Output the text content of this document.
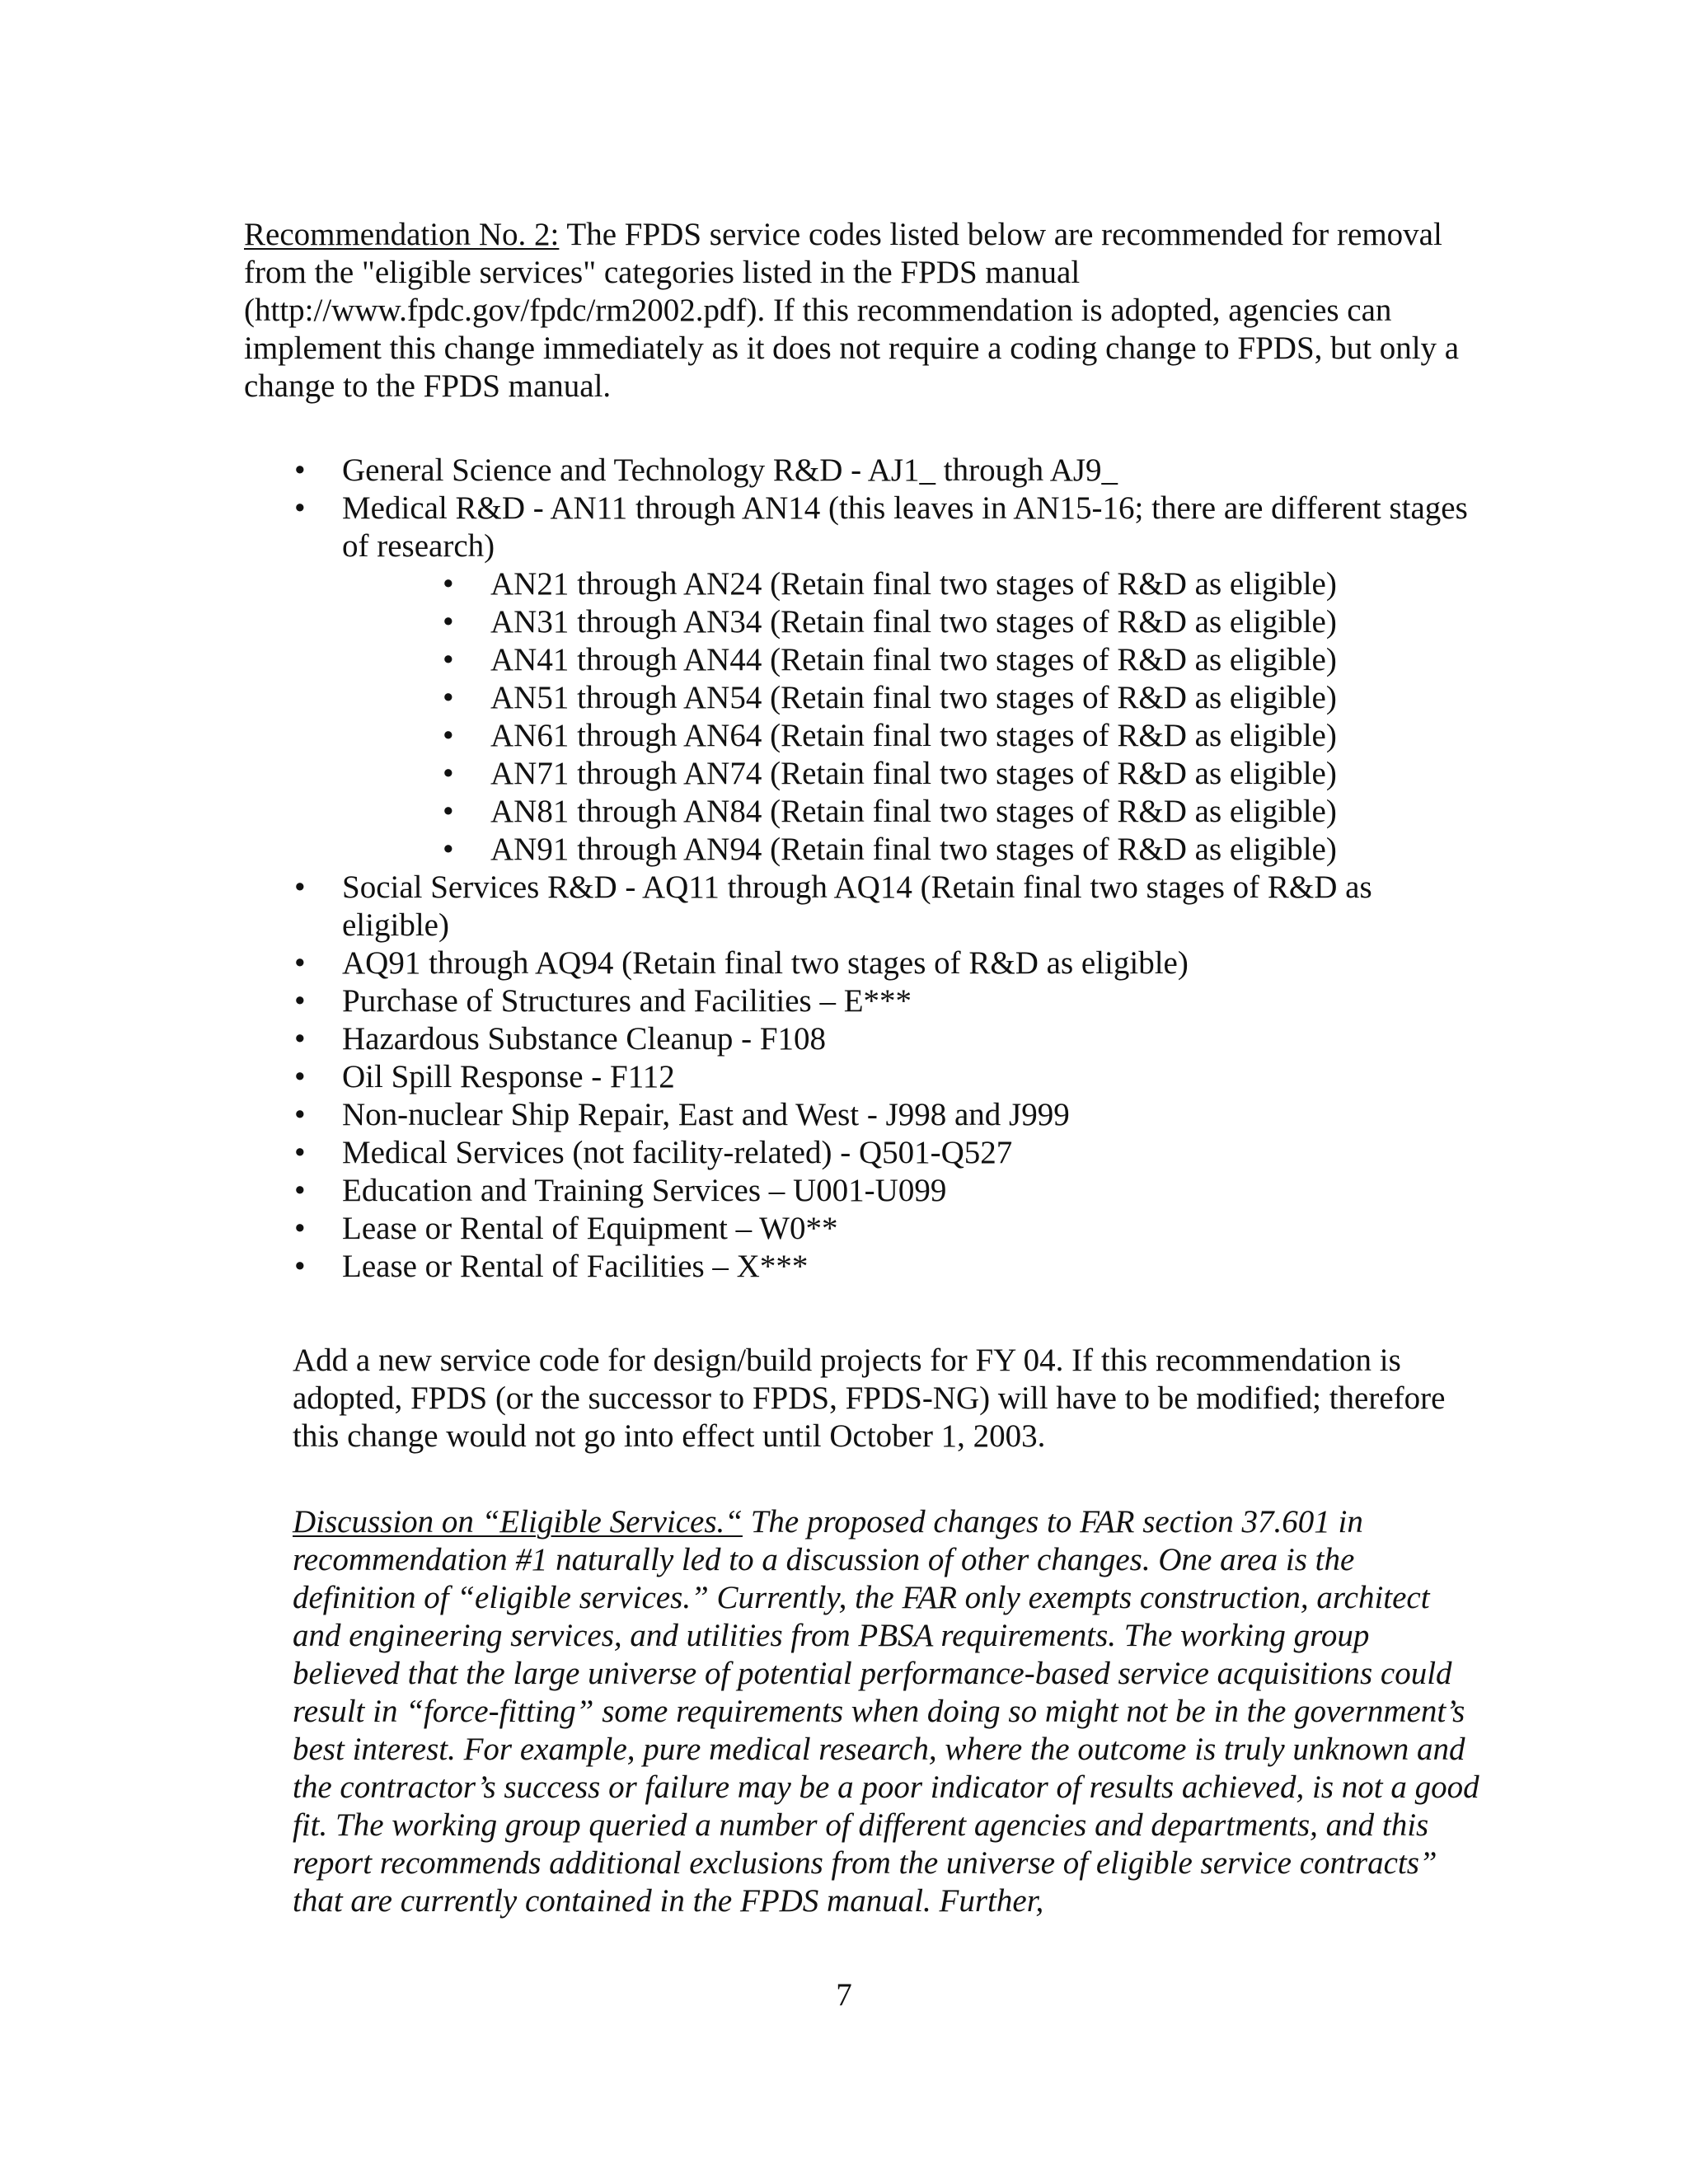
Recommendation No. 2: The FPDS service codes listed below are recommended for removal from the "eligible services" categories listed in the FPDS manual (http://www.fpdc.gov/fpdc/rm2002.pdf). If this recommendation is adopted, agencies can implement this change immediately as it does not require a coding change to FPDS, but only a change to the FPDS manual.

• General Science and Technology R&D - AJ1_ through AJ9_
• Medical R&D - AN11 through AN14 (this leaves in AN15-16; there are different stages of research)
• AN21 through AN24 (Retain final two stages of R&D as eligible)
• AN31 through AN34 (Retain final two stages of R&D as eligible)
• AN41 through AN44 (Retain final two stages of R&D as eligible)
• AN51 through AN54 (Retain final two stages of R&D as eligible)
• AN61 through AN64 (Retain final two stages of R&D as eligible)
• AN71 through AN74 (Retain final two stages of R&D as eligible)
• AN81 through AN84 (Retain final two stages of R&D as eligible)
• AN91 through AN94 (Retain final two stages of R&D as eligible)
• Social Services R&D - AQ11 through AQ14 (Retain final two stages of R&D as eligible)
• AQ91 through AQ94 (Retain final two stages of R&D as eligible)
• Purchase of Structures and Facilities – E***
• Hazardous Substance Cleanup - F108
• Oil Spill Response - F112
• Non-nuclear Ship Repair, East and West - J998 and J999
• Medical Services (not facility-related) - Q501-Q527
• Education and Training Services – U001-U099
• Lease or Rental of Equipment – W0**
• Lease or Rental of Facilities – X***

Add a new service code for design/build projects for FY 04. If this recommendation is adopted, FPDS (or the successor to FPDS, FPDS-NG) will have to be modified; therefore this change would not go into effect until October 1, 2003.

Discussion on “Eligible Services.“ The proposed changes to FAR section 37.601 in recommendation #1 naturally led to a discussion of other changes. One area is the definition of “eligible services.” Currently, the FAR only exempts construction, architect and engineering services, and utilities from PBSA requirements. The working group believed that the large universe of potential performance-based service acquisitions could result in “force-fitting” some requirements when doing so might not be in the government’s best interest. For example, pure medical research, where the outcome is truly unknown and the contractor’s success or failure may be a poor indicator of results achieved, is not a good fit. The working group queried a number of different agencies and departments, and this report recommends additional exclusions from the universe of eligible service contracts” that are currently contained in the FPDS manual. Further,

7
